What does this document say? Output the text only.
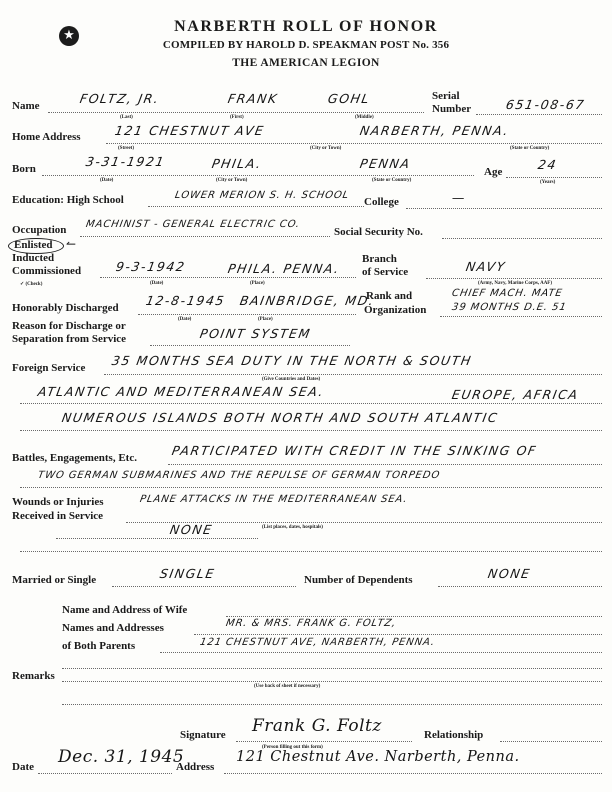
★
NARBERTH ROLL OF HONOR
COMPILED BY HAROLD D. SPEAKMAN POST No. 356
THE AMERICAN LEGION
Name	FOLTZ, JR.	FRANK	GOHL
(Last)	(First)	(Middle)
Serial
Number	651-08-67
Home Address	121 CHESTNUT AVE	NARBERTH, PENNA.
(Street)	(City or Town)	(State or Country)
Born	3-31-1921	PHILA.	PENNA
(Date)	(City or Town)	(State or Country)
Age	24
(Years)
Education: High School	LOWER MERION S. H. SCHOOL
College	—
Occupation MACHINIST - GENERAL ELECTRIC CO.
Social Security No.
Enlisted ↼
Inducted
Commissioned	9-3-1942	PHILA. PENNA.
✓ (Check)	(Date)	(Place)
Branch
of Service	NAVY
(Army, Navy, Marine Corps, AAF)
Honorably Discharged 12-8-1945 BAINBRIDGE, MD.
(Date)	(Place)
Rank and
Organization
CHIEF MACH. MATE
39 MONTHS D.E. 51
Reason for Discharge or
Separation from Service	POINT SYSTEM
Foreign Service 35 MONTHS SEA DUTY IN THE NORTH & SOUTH
(Give Countries and Dates)
ATLANTIC AND MEDITERRANEAN SEA.	EUROPE, AFRICA
NUMEROUS ISLANDS BOTH NORTH AND SOUTH ATLANTIC
Battles, Engagements, Etc.	PARTICIPATED WITH CREDIT IN THE SINKING OF
TWO GERMAN SUBMARINES AND THE REPULSE OF GERMAN TORPEDO
Wounds or Injuries
Received in Service
PLANE ATTACKS IN THE MEDITERRANEAN SEA.
NONE	(List places, dates, hospitals)
Married or Single	SINGLE	Number of Dependents	NONE
Name and Address of Wife
Names and Addresses	MR. & MRS. FRANK G. FOLTZ,
of Both Parents	121 CHESTNUT AVE, NARBERTH, PENNA.
Remarks
(Use back of sheet if necessary)
Signature Frank G. Foltz
(Person filling out this form)
Relationship
Date Dec. 31, 1945
Address
121 Chestnut Ave. Narberth, Penna.
